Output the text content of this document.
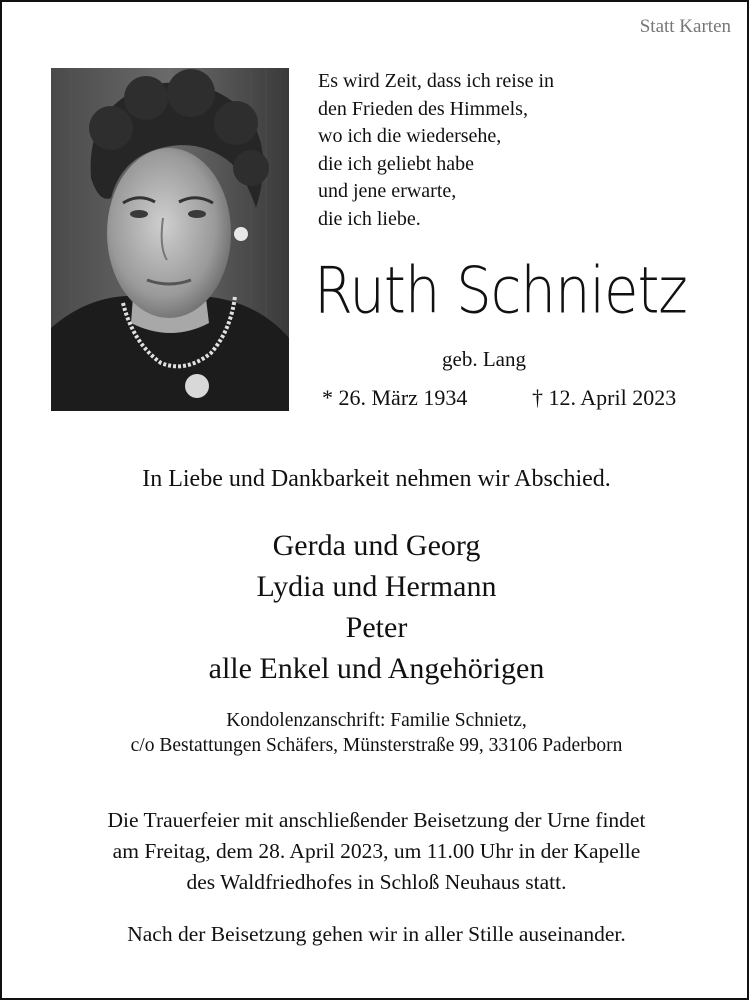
Statt Karten
Es wird Zeit, dass ich reise in
den Frieden des Himmels,
wo ich die wiedersehe,
die ich geliebt habe
und jene erwarte,
die ich liebe.
Ruth Schnietz
geb. Lang
* 26. März 1934	† 12. April 2023
In Liebe und Dankbarkeit nehmen wir Abschied.
Gerda und Georg
Lydia und Hermann
Peter
alle Enkel und Angehörigen
Kondolenzanschrift: Familie Schnietz,
c/o Bestattungen Schäfers, Münsterstraße 99, 33106 Paderborn
Die Trauerfeier mit anschließender Beisetzung der Urne findet
am Freitag, dem 28. April 2023, um 11.00 Uhr in der Kapelle
des Waldfriedhofes in Schloß Neuhaus statt.
Nach der Beisetzung gehen wir in aller Stille auseinander.
